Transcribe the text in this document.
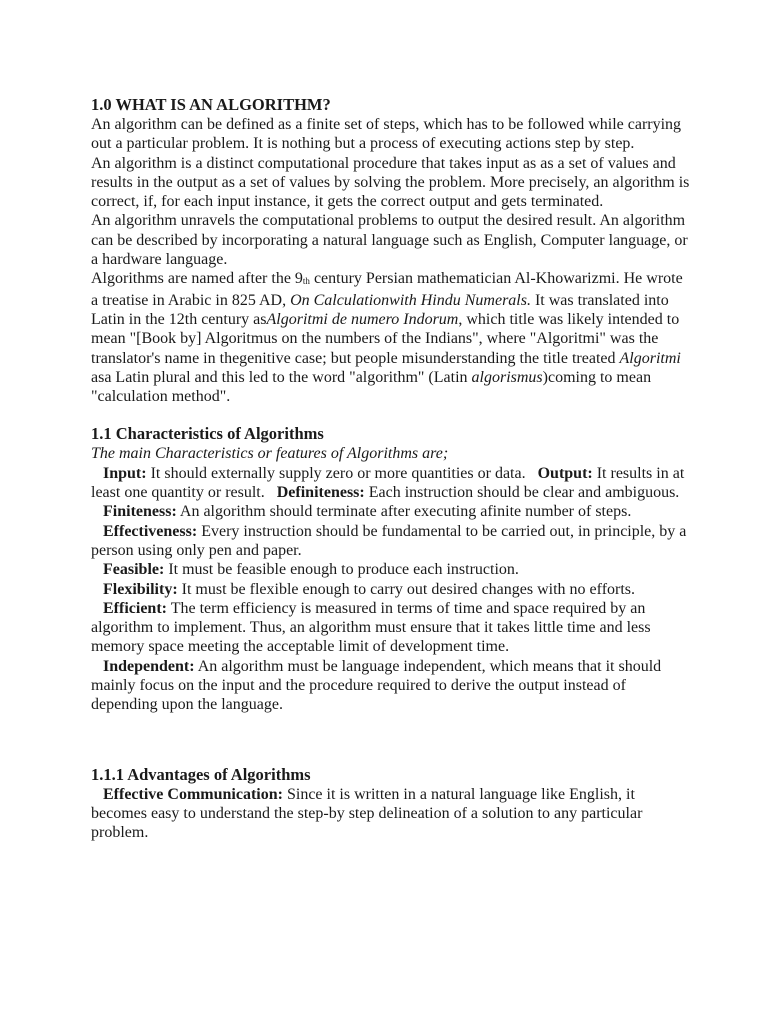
1.0 WHAT IS AN ALGORITHM?

An algorithm can be defined as a finite set of steps, which has to be followed while carrying out a particular problem. It is nothing but a process of executing actions step by step.

An algorithm is a distinct computational procedure that takes input as as a set of values and results in the output as a set of values by solving the problem. More precisely, an algorithm is correct, if, for each input instance, it gets the correct output and gets terminated.

An algorithm unravels the computational problems to output the desired result. An algorithm can be described by incorporating a natural language such as English, Computer language, or a hardware language.

Algorithms are named after the $9_{th}$ century Persian mathematician Al-Khowarizmi. He wrote a treatise in Arabic in 825 AD, On Calculationwith Hindu Numerals. It was translated into Latin in the 12th century asAlgoritmi de numero Indorum, which title was likely intended to mean "[Book by] Algoritmus on the numbers of the Indians", where "Algoritmi" was the translator's name in thegenitive case; but people misunderstanding the title treated Algoritmi asa Latin plural and this led to the word "algorithm" (Latin algorismus)coming to mean "calculation method".

1.1 Characteristics of Algorithms

The main Characteristics or features of Algorithms are;

Input: It should externally supply zero or more quantities or data. Output: It results in at least one quantity or result. Definiteness: Each instruction should be clear and ambiguous.

Finiteness: An algorithm should terminate after executing afinite number of steps.

Effectiveness: Every instruction should be fundamental to be carried out, in principle, by a person using only pen and paper.

Feasible: It must be feasible enough to produce each instruction.

Flexibility: It must be flexible enough to carry out desired changes with no efforts.

Efficient: The term efficiency is measured in terms of time and space required by an algorithm to implement. Thus, an algorithm must ensure that it takes little time and less memory space meeting the acceptable limit of development time.

Independent: An algorithm must be language independent, which means that it should mainly focus on the input and the procedure required to derive the output instead of depending upon the language.

1.1.1 Advantages of Algorithms

Effective Communication: Since it is written in a natural language like English, it becomes easy to understand the step-by step delineation of a solution to any particular problem.
